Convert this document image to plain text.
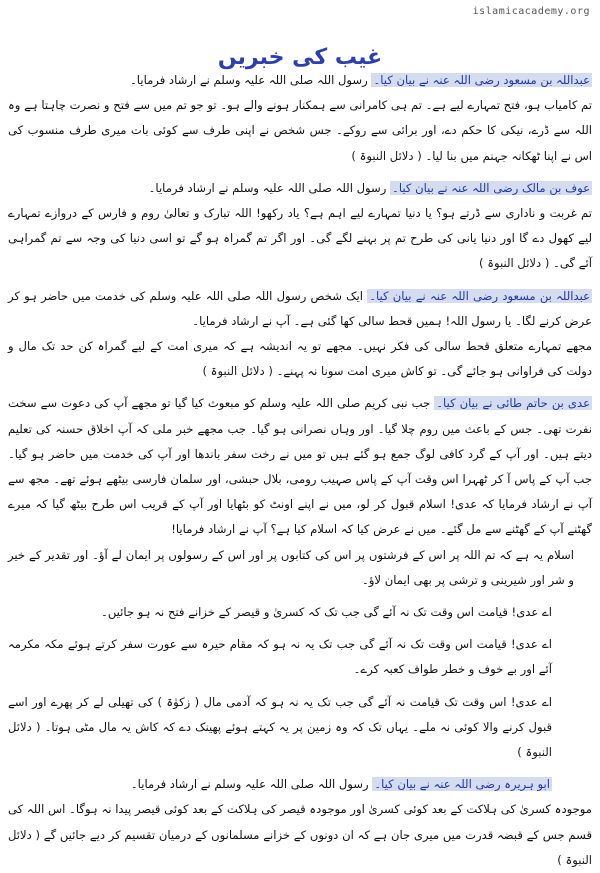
islamicacademy.org
غیب کی خبریں

عبداللہ بن مسعود رضی اللہ عنہ نے بیان کیا۔ رسول اللہ صلی اللہ علیہ وسلم نے ارشاد فرمایا۔

تم کامیاب ہو، فتح تمہارے لیے ہے۔ تم ہی کامرانی سے ہمکنار ہونے والے ہو۔ تو جو تم میں سے فتح و نصرت چاہتا ہے وہ اللہ سے ڈرے، نیکی کا حکم دے، اور برائی سے روکے۔ جس شخص نے اپنی طرف سے کوئی بات میری طرف منسوب کی اس نے اپنا ٹھکانہ جہنم میں بنا لیا۔ ( دلائل النبوۃ )

عوف بن مالک رضی اللہ عنہ نے بیان کیا۔ رسول اللہ صلی اللہ علیہ وسلم نے ارشاد فرمایا۔

تم غربت و ناداری سے ڈرتے ہو؟ یا دنیا تمہارے لیے اہم ہے؟ یاد رکھو! اللہ تبارک و تعالیٰ روم و فارس کے دروازے تمہارے لیے کھول دے گا اور دنیا یانی کی طرح تم پر بہنے لگے گی۔ اور اگر تم گمراہ ہو گے تو اسی دنیا کی وجہ سے تم گمراہی آئے گی۔ ( دلائل النبوۃ )

عبداللہ بن مسعود رضی اللہ عنہ نے بیان کیا۔ ایک شخص رسول اللہ صلی اللہ علیہ وسلم کی خدمت میں حاضر ہو کر عرض کرنے لگا۔ یا رسول اللہ! ہمیں قحط سالی کھا گئی ہے۔ آپ نے ارشاد فرمایا۔

مجھے تمہارے متعلق قحط سالی کی فکر نہیں۔ مجھے تو یہ اندیشہ ہے کہ میری امت کے لیے گمراہ کن حد تک مال و دولت کی فراوانی ہو جائے گی۔ تو کاش میری امت سونا نہ پہنے۔ ( دلائل النبوۃ )

عدی بن حاتم طائی نے بیان کیا۔ جب نبی کریم صلی اللہ علیہ وسلم کو مبعوث کیا گیا تو مجھے آپ کی دعوت سے سخت نفرت تھی۔ جس کے باعث میں روم چلا گیا۔ اور وہاں نصرانی ہو گیا۔ جب مجھے خبر ملی کہ آپ اخلاق حسنہ کی تعلیم دیتے ہیں۔ اور آپ کے گرد کافی لوگ جمع ہو گئے ہیں تو میں نے رخت سفر باندھا اور آپ کی خدمت میں حاضر ہو گیا۔ جب آپ کے پاس آ کر ٹھہرا اس وقت آپ کے پاس صہیب رومی، بلال حبشی، اور سلمان فارسی بیٹھے ہوئے تھے۔ مجھ سے آپ نے ارشاد فرمایا کہ عدی! اسلام قبول کر لو، میں نے اپنے اونٹ کو بٹھایا اور آپ کے قریب اس طرح بیٹھ گیا کہ میرے گھٹنے آپ کے گھٹنے سے مل گئے۔ میں نے عرض کیا کہ اسلام کیا ہے؟ آپ نے ارشاد فرمایا!

اسلام یہ ہے کہ تم اللہ پر اس کے فرشتوں پر اس کی کتابوں پر اور اس کے رسولوں پر ایمان لے آؤ۔ اور تقدیر کے خیر و شر اور شیرینی و ترشی پر بھی ایمان لاؤ۔

اے عدی! قیامت اس وقت تک نہ آئے گی جب تک کہ کسریٰ و قیصر کے خزانے فتح نہ ہو جائیں۔

اے عدی! قیامت اس وقت تک نہ آئے گی جب تک یہ نہ ہو کہ مقام حیرہ سے عورت سفر کرتے ہوئے مکہ مکرمہ آئے اور بے خوف و خطر طواف کعبہ کرے۔

اے عدی! اس وقت تک قیامت نہ آئے گی جب تک یہ نہ ہو کہ آدمی مال ( زکوٰۃ ) کی تھیلی لے کر پھرے اور اسے قبول کرنے والا کوئی نہ ملے۔ یہاں تک کہ وہ زمین پر یہ کہتے ہوئے پھینک دے کہ کاش یہ مال مٹی ہوتا۔ ( دلائل النبوۃ )

ابو ہریرہ رضی اللہ عنہ نے بیان کیا۔ رسول اللہ صلی اللہ علیہ وسلم نے ارشاد فرمایا۔

موجودہ کسریٰ کی ہلاکت کے بعد کوئی کسریٰ اور موجودہ قیصر کی ہلاکت کے بعد کوئی قیصر پیدا نہ ہوگا۔ اس اللہ کی قسم جس کے قبضہ قدرت میں میری جان ہے کہ ان دونوں کے خزانے مسلمانوں کے درمیان تقسیم کر دیے جائیں گے ( دلائل النبوۃ )
